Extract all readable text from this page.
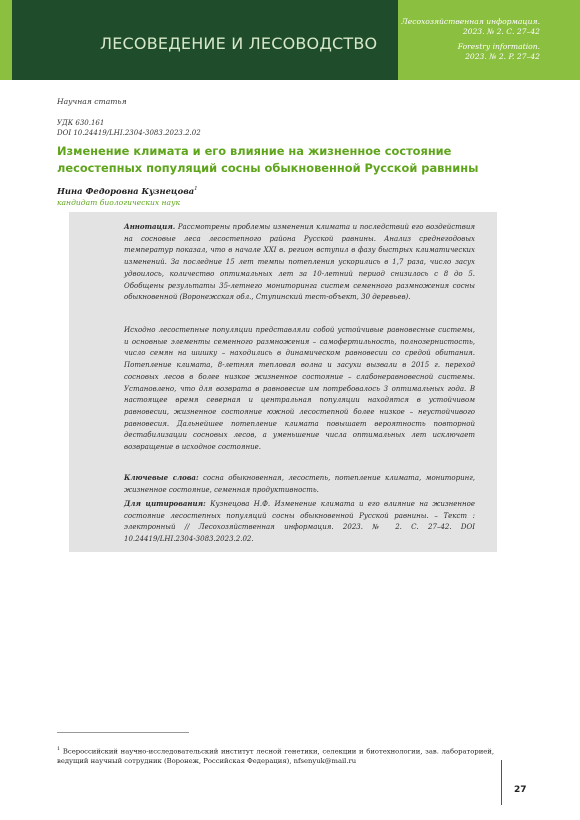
ЛЕСОВЕДЕНИЕ И ЛЕСОВОДСТВО
Лесохозяйственная информация.
2023. № 2. С. 27–42
Forestry information.
2023. № 2. P. 27–42
Научная статья
УДК 630.161
DOI 10.24419/LHI.2304-3083.2023.2.02
Изменение климата и его влияние на жизненное состояние лесостепных популяций сосны обыкновенной Русской равнины
Нина Федоровна Кузнецова$^1$
кандидат биологических наук
Аннотация. Рассмотрены проблемы изменения климата и последствий его воздействия на сосновые леса лесостепного района Русской равнины. Анализ среднегодовых температур показал, что в начале XXI в. регион вступил в фазу быстрых климатических изменений. За последние 15 лет темпы потепления ускорились в 1,7 раза, число засух удвоилось, количество оптимальных лет за 10-летний период снизилось с 8 до 5. Обобщены результаты 35-летнего мониторинга систем семенного размножения сосны обыкновенной (Воронежская обл., Ступинский тест-объект, 30 деревьев).
Исходно лесостепные популяции представляли собой устойчивые равновесные системы, и основные элементы семенного размножения – самофертильность, полнозернистость, число семян на шишку – находились в динамическом равновесии со средой обитания. Потепление климата, 8-летняя тепловая волна и засухи вызвали в 2015 г. переход сосновых лесов в более низкое жизненное состояние – слабонеравновесной системы. Установлено, что для возврата в равновесие им потребовалось 3 оптимальных года. В настоящее время северная и центральная популяции находятся в устойчивом равновесии, жизненное состояние южной лесостепной более низкое – неустойчивого равновесия. Дальнейшее потепление климата повышает вероятность повторной дестабилизации сосновых лесов, а уменьшение числа оптимальных лет исключает возвращение в исходное состояние.
Ключевые слова: сосна обыкновенная, лесостепь, потепление климата, мониторинг, жизненное состояние, семенная продуктивность.
Для цитирования: Кузнецова Н.Ф. Изменение климата и его влияние на жизненное состояние лесостепных популяций сосны обыкновенной Русской равнины. – Текст : электронный // Лесохозяйственная информация. 2023. № 2. С. 27–42. DOI 10.24419/LHI.2304-3083.2023.2.02.
$^1$ Всероссийский научно-исследовательский институт лесной генетики, селекции и биотехнологии, зав. лабораторией, ведущий научный сотрудник (Воронеж, Российская Федерация), nfsenyuk@mail.ru
27
